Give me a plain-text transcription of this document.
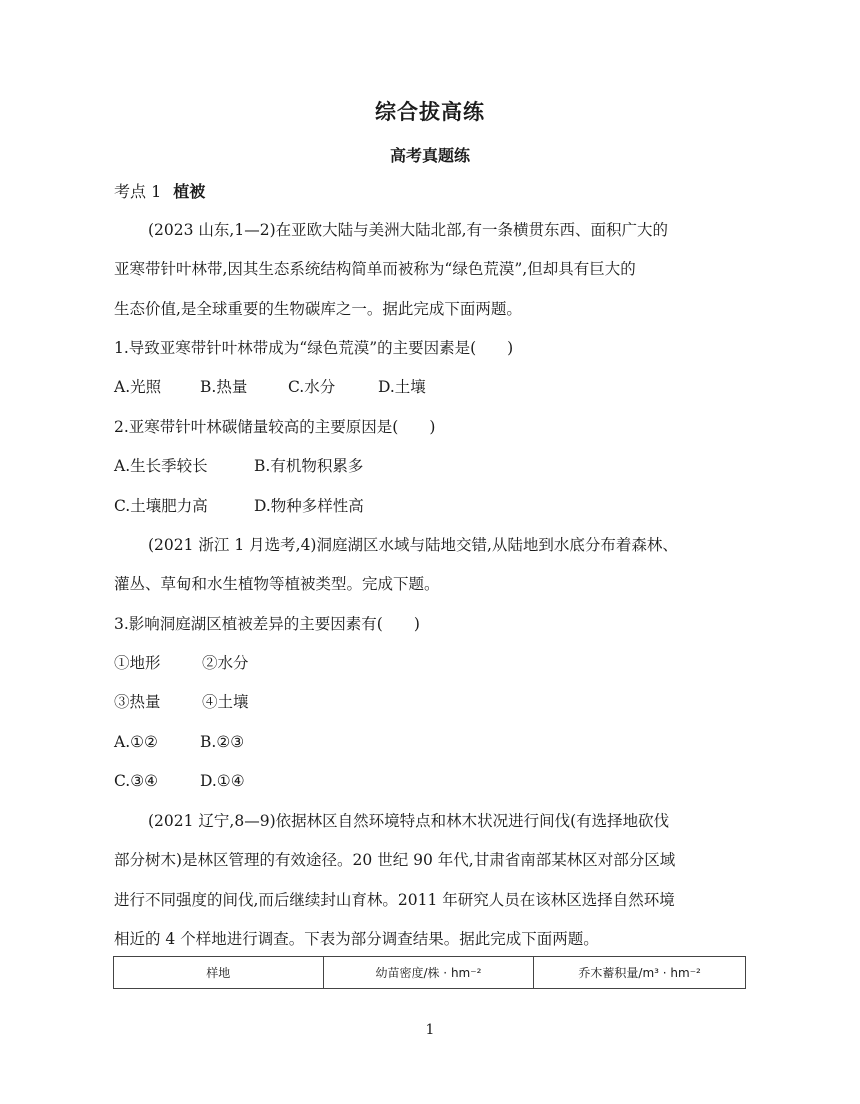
综合拔高练
高考真题练
考点 1 植被
(2023 山东,1—2)在亚欧大陆与美洲大陆北部,有一条横贯东西、面积广大的
亚寒带针叶林带,因其生态系统结构简单而被称为“绿色荒漠”,但却具有巨大的
生态价值,是全球重要的生物碳库之一。据此完成下面两题。
1.导致亚寒带针叶林带成为“绿色荒漠”的主要因素是(　　)
A.光照	B.热量	C.水分	D.土壤
2.亚寒带针叶林碳储量较高的主要原因是(　　)
A.生长季较长	B.有机物积累多
C.土壤肥力高	D.物种多样性高
(2021 浙江 1 月选考,4)洞庭湖区水域与陆地交错,从陆地到水底分布着森林、
灌丛、草甸和水生植物等植被类型。完成下题。
3.影响洞庭湖区植被差异的主要因素有(　　)
①地形	②水分
③热量	④土壤
A.①②	B.②③
C.③④	D.①④
(2021 辽宁,8—9)依据林区自然环境特点和林木状况进行间伐(有选择地砍伐
部分树木)是林区管理的有效途径。20 世纪 90 年代,甘肃省南部某林区对部分区域
进行不同强度的间伐,而后继续封山育林。2011 年研究人员在该林区选择自然环境
相近的 4 个样地进行调查。下表为部分调查结果。据此完成下面两题。
样地	幼苗密度/株 · hm⁻²	乔木蓄积量/m³ · hm⁻²
1
